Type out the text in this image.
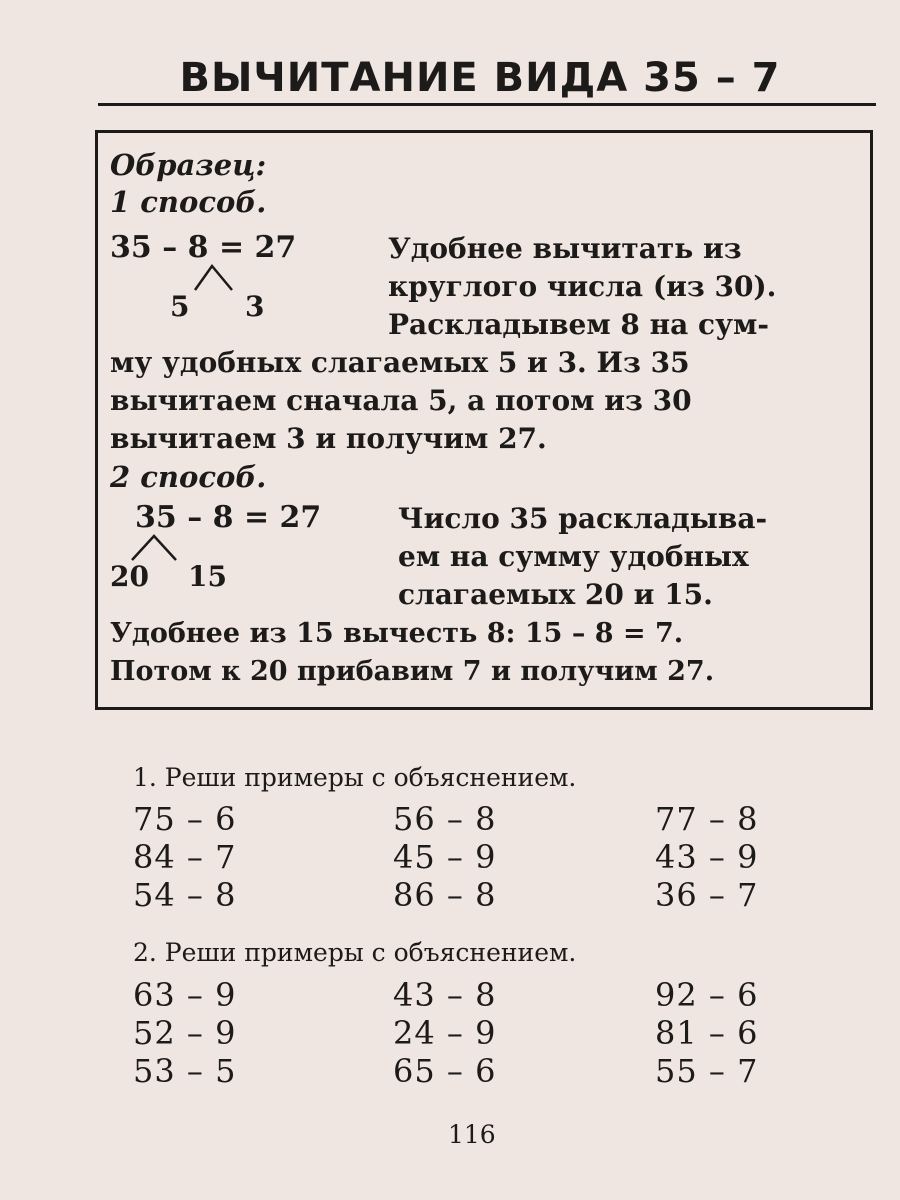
ВЫЧИТАНИЕ ВИДА 35 – 7
Образец:
1 способ.
35 – 8 = 27
5 3
Удобнее вычитать из
круглого числа (из 30).
Раскладывем 8 на сум-
му удобных слагаемых 5 и 3. Из 35
вычитаем сначала 5, а потом из 30
вычитаем 3 и получим 27.
2 способ.
35 – 8 = 27
20 15
Число 35 раскладыва-
ем на сумму удобных
слагаемых 20 и 15.
Удобнее из 15 вычесть 8: 15 – 8 = 7.
Потом к 20 прибавим 7 и получим 27.
1. Реши примеры с объяснением.
75 – 6	56 – 8	77 – 8
84 – 7	45 – 9	43 – 9
54 – 8	86 – 8	36 – 7
2. Реши примеры с объяснением.
63 – 9	43 – 8	92 – 6
52 – 9	24 – 9	81 – 6
53 – 5	65 – 6	55 – 7
116
